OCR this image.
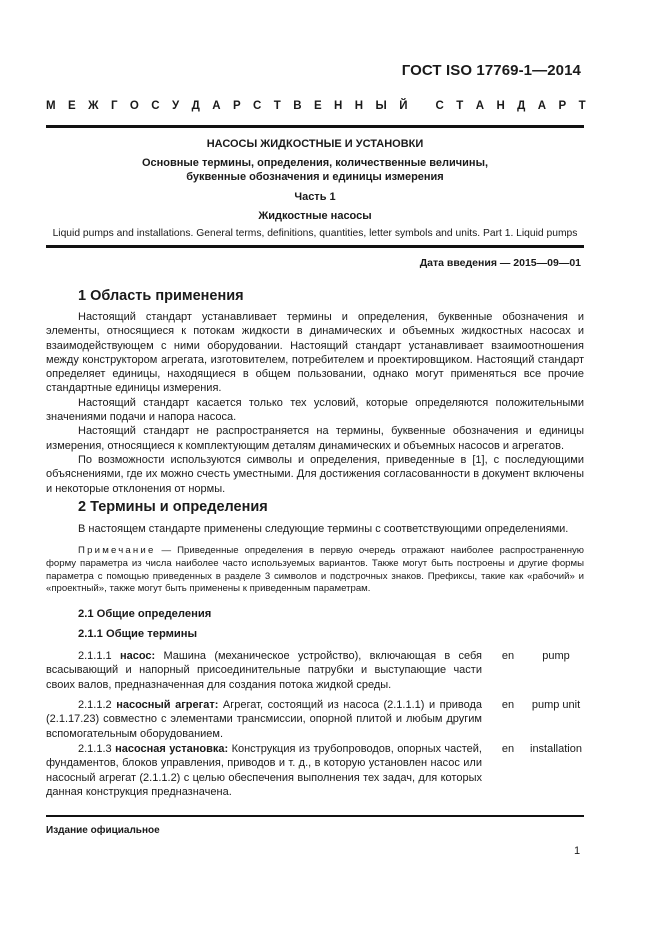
ГОСТ ISO 17769-1—2014
М Е Ж Г О С У Д А Р С Т В Е Н Н Ы Й
С Т А Н Д А Р Т
НАСОСЫ ЖИДКОСТНЫЕ И УСТАНОВКИ
Основные термины, определения, количественные величины,
буквенные обозначения и единицы измерения
Часть 1
Жидкостные насосы
Liquid pumps and installations. General terms, definitions, quantities, letter symbols and units. Part 1. Liquid pumps
Дата введения — 2015—09—01
1 Область применения

Настоящий стандарт устанавливает термины и определения, буквенные обозначения и элементы, относящиеся к потокам жидкости в динамических и объемных жидкостных насосах и взаимодействующем с ними оборудовании. Настоящий стандарт устанавливает взаимоотношения между конструктором агрегата, изготовителем, потребителем и проектировщиком. Настоящий стандарт определяет единицы, находящиеся в общем пользовании, однако могут применяться все прочие стандартные единицы измерения.

Настоящий стандарт касается только тех условий, которые определяются положительными значениями подачи и напора насоса.

Настоящий стандарт не распространяется на термины, буквенные обозначения и единицы измерения, относящиеся к комплектующим деталям динамических и объемных насосов и агрегатов.

По возможности используются символы и определения, приведенные в [1], с последующими объяснениями, где их можно счесть уместными. Для достижения согласованности в документ включены и некоторые отклонения от нормы.

2 Термины и определения

В настоящем стандарте применены следующие термины с соответствующими определениями.

Примечание — Приведенные определения в первую очередь отражают наиболее распространенную форму параметра из числа наиболее часто используемых вариантов. Также могут быть построены и другие формы параметра с помощью приведенных в разделе 3 символов и подстрочных знаков. Префиксы, такие как «рабочий» и «проектный», также могут быть применены к приведенным параметрам.

2.1 Общие определения
2.1.1 Общие термины

2.1.1.1 насос: Машина (механическое устройство), включающая в себя всасывающий и напорный присоединительные патрубки и выступающие части своих валов, предназначенная для создания потока жидкой среды.

en	pump

2.1.1.2 насосный агрегат: Агрегат, состоящий из насоса (2.1.1.1) и привода (2.1.17.23) совместно с элементами трансмиссии, опорной плитой и любым другим вспомогательным оборудованием.

en	pump unit

2.1.1.3 насосная установка: Конструкция из трубопроводов, опорных частей, фундаментов, блоков управления, приводов и т. д., в которую установлен насос или насосный агрегат (2.1.1.2) с целью обеспечения выполнения тех задач, для которых данная конструкция предназначена.

en	installation
Издание официальное
1
